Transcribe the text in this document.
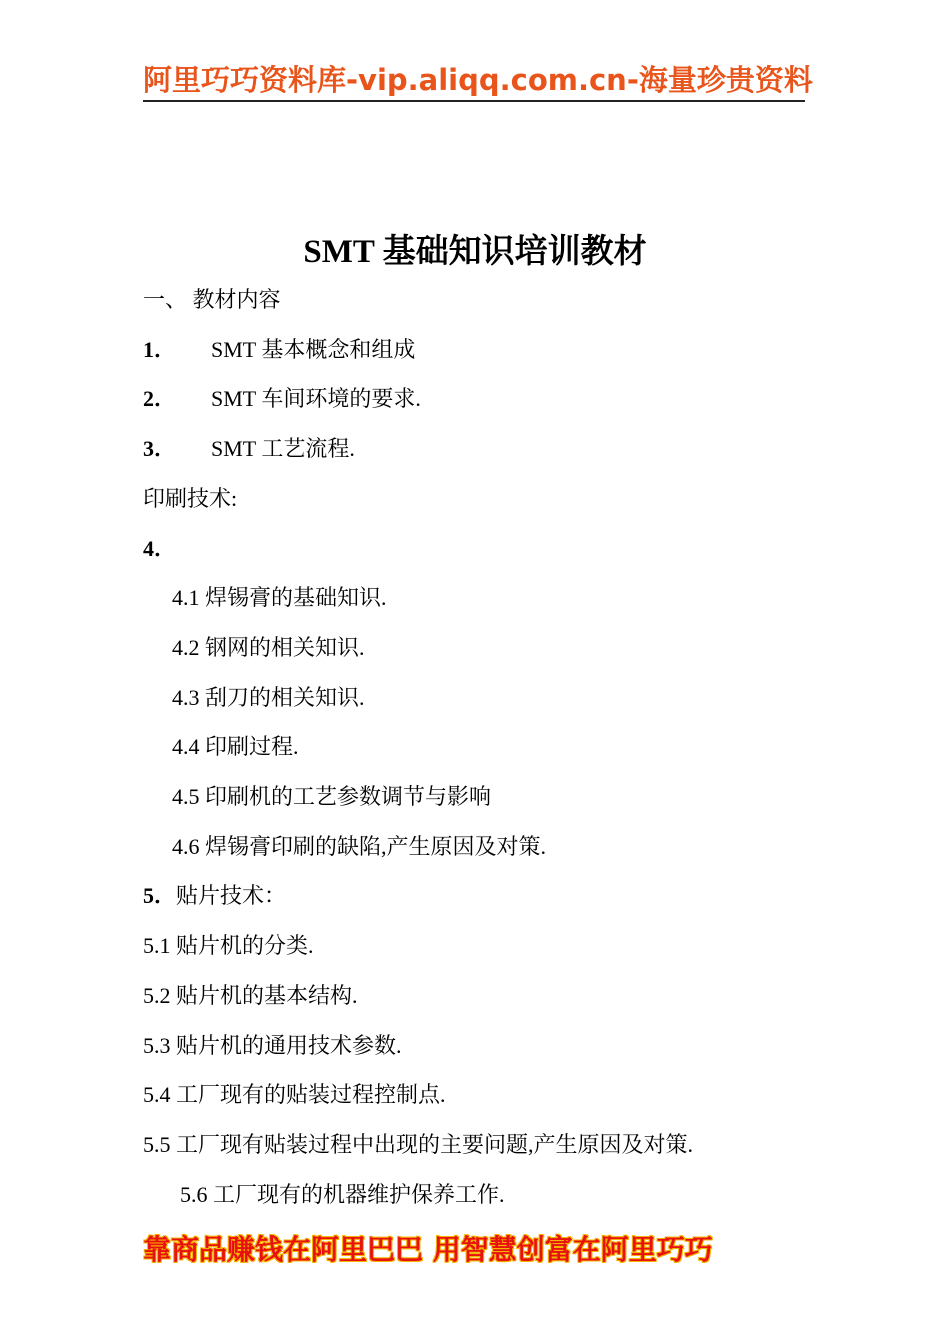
阿里巧巧资料库-vip.aliqq.com.cn-海量珍贵资料
SMT 基础知识培训教材
一、 教材内容
1． SMT 基本概念和组成
2． SMT 车间环境的要求.
3． SMT 工艺流程.
印刷技术:
4．
4.1 焊锡膏的基础知识.
4.2 钢网的相关知识.
4.3 刮刀的相关知识.
4.4 印刷过程.
4.5 印刷机的工艺参数调节与影响
4.6 焊锡膏印刷的缺陷,产生原因及对策.
5．贴片技术：
5.1 贴片机的分类.
5.2 贴片机的基本结构.
5.3 贴片机的通用技术参数.
5.4 工厂现有的贴装过程控制点.
5.5 工厂现有贴装过程中出现的主要问题,产生原因及对策.
5.6 工厂现有的机器维护保养工作.
靠商品赚钱在阿里巴巴 用智慧创富在阿里巧巧
